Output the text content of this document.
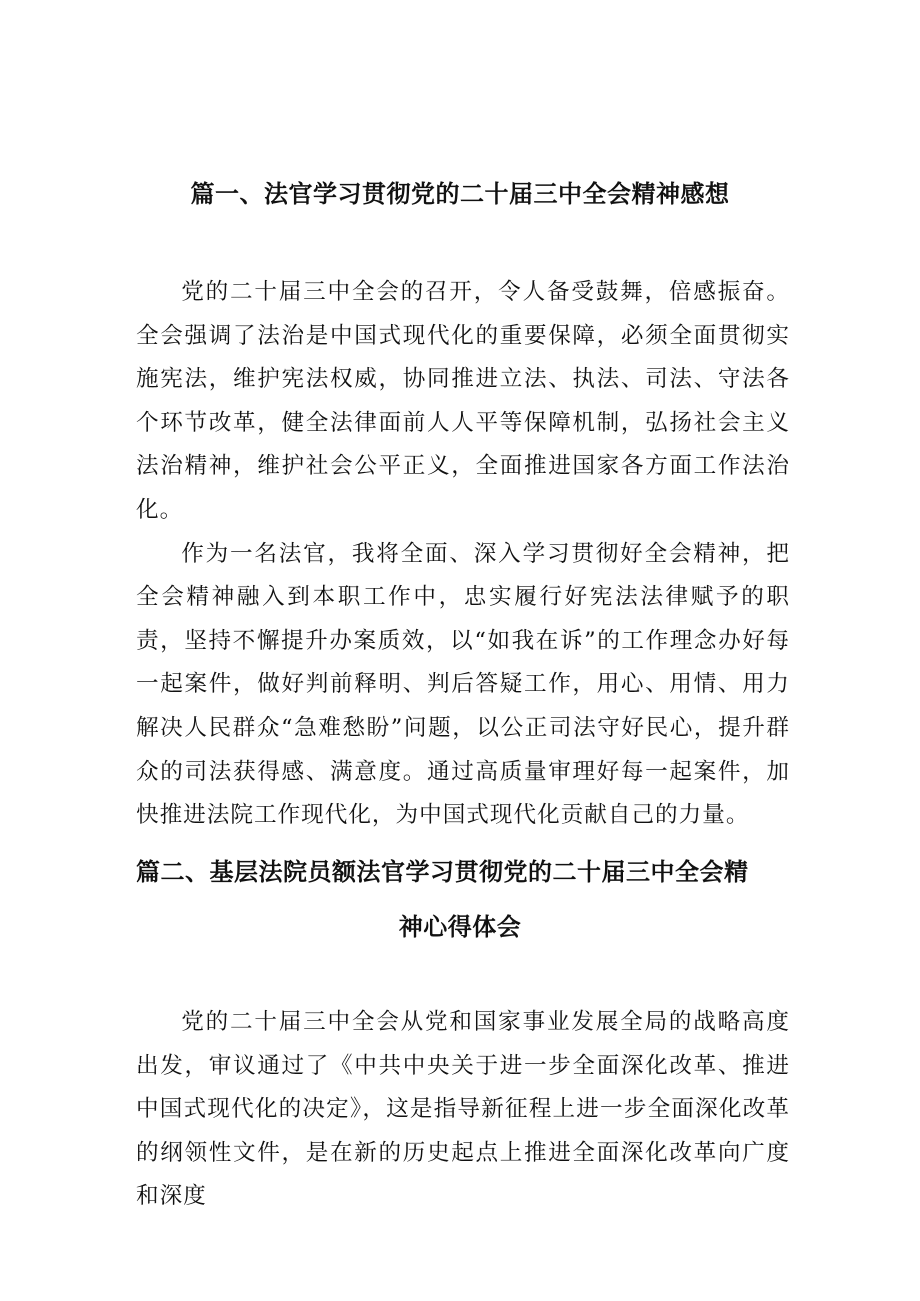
篇一、法官学习贯彻党的二十届三中全会精神感想

党的二十届三中全会的召开，令人备受鼓舞，倍感振奋。全会强调了法治是中国式现代化的重要保障，必须全面贯彻实施宪法，维护宪法权威，协同推进立法、执法、司法、守法各个环节改革，健全法律面前人人平等保障机制，弘扬社会主义法治精神，维护社会公平正义，全面推进国家各方面工作法治化。

作为一名法官，我将全面、深入学习贯彻好全会精神，把全会精神融入到本职工作中，忠实履行好宪法法律赋予的职责，坚持不懈提升办案质效，以“如我在诉”的工作理念办好每一起案件，做好判前释明、判后答疑工作，用心、用情、用力解决人民群众“急难愁盼”问题，以公正司法守好民心，提升群众的司法获得感、满意度。通过高质量审理好每一起案件，加快推进法院工作现代化，为中国式现代化贡献自己的力量。

篇二、基层法院员额法官学习贯彻党的二十届三中全会精
神心得体会

党的二十届三中全会从党和国家事业发展全局的战略高度出发，审议通过了《中共中央关于进一步全面深化改革、推进中国式现代化的决定》，这是指导新征程上进一步全面深化改革的纲领性文件，是在新的历史起点上推进全面深化改革向广度和深度
